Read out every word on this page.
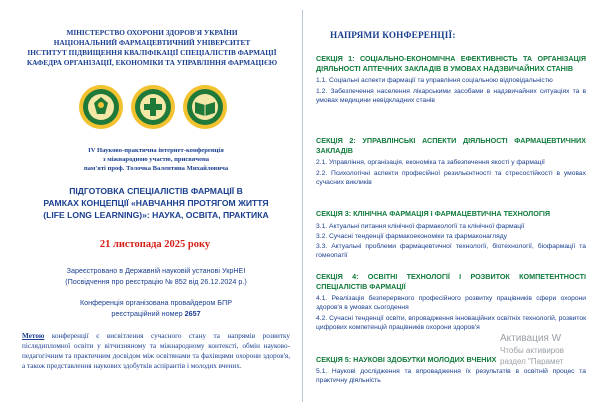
МІНІСТЕРСТВО ОХОРОНИ ЗДОРОВ'Я УКРАЇНИ
НАЦІОНАЛЬНИЙ ФАРМАЦЕВТИЧНИЙ УНІВЕРСИТЕТ
ІНСТИТУТ ПІДВИЩЕННЯ КВАЛІФІКАЦІЇ СПЕЦІАЛІСТІВ ФАРМАЦІЇ
КАФЕДРА ОРГАНІЗАЦІЇ, ЕКОНОМІКИ ТА УПРАВЛІННЯ ФАРМАЦІЄЮ
IV Науково-практична інтернет-конференція
з міжнародною участю, присвячена
пам'яті проф. Толочка Валентина Михайловича
ПІДГОТОВКА СПЕЦІАЛІСТІВ ФАРМАЦІЇ В
РАМКАХ КОНЦЕПЦІЇ «НАВЧАННЯ ПРОТЯГОМ ЖИТТЯ
(LIFE LONG LEARNING)»: НАУКА, ОСВІТА, ПРАКТИКА
21 листопада 2025 року
Зареєстровано в Державній науковій установі УкрНЕІ
(Посвідчення про реєстрацію № 852 від 26.12.2024 р.)
Конференція організована провайдером БПР
реєстраційний номер 2657
Метою конференції є висвітлення сучасного стану та напрямів розвитку післядипломної освіти у вітчизняному та міжнародному контексті, обмін науково-педагогічним та практичним досвідом між освітянами та фахівцями охорони здоров'я, а також представлення наукових здобутків аспірантів і молодих вчених.
НАПРЯМИ КОНФЕРЕНЦІЇ:
СЕКЦІЯ 1: СОЦІАЛЬНО-ЕКОНОМІЧНА ЕФЕКТИВНІСТЬ ТА ОРГАНІЗАЦІЯ ДІЯЛЬНОСТІ АПТЕЧНИХ ЗАКЛАДІВ В УМОВАХ НАДЗВИЧАЙНИХ СТАНІВ
1.1. Соціальні аспекти фармації та управління соціальною відповідальністю
1.2. Забезпечення населення лікарськими засобами в надзвичайних ситуаціях та в умовах медицини невідкладних станів
СЕКЦІЯ 2: УПРАВЛІНСЬКІ АСПЕКТИ ДІЯЛЬНОСТІ ФАРМАЦЕВТИЧНИХ ЗАКЛАДІВ
2.1. Управління, організація, економіка та забезпечення якості у фармації
2.2. Психологічні аспекти професійної резильєнтності та стресостійкості в умовах сучасних викликів
СЕКЦІЯ 3: КЛІНІЧНА ФАРМАЦІЯ І ФАРМАЦЕВТИЧНА ТЕХНОЛОГІЯ
3.1. Актуальні питання клінічної фармакології та клінічної фармації
3.2. Сучасні тенденції фармакоекономіки та фармаконагляду
3.3. Актуальні проблеми фармацевтичної технології, біотехнології, біофармації та гомеопатії
СЕКЦІЯ 4: ОСВІТНІ ТЕХНОЛОГІЇ І РОЗВИТОК КОМПЕТЕНТНОСТІ СПЕЦІАЛІСТІВ ФАРМАЦІЇ
4.1. Реалізація безперервного професійного розвитку працівників сфери охорони здоров'я в умовах сьогодення
4.2. Сучасні тенденції освіти, впровадження інноваційних освітніх технологій, розвиток цифрових компетенцій працівників охорони здоров'я
СЕКЦІЯ 5: НАУКОВІ ЗДОБУТКИ МОЛОДИХ ВЧЕНИХ
5.1. Наукові дослідження та впровадження їх результатів в освітній процес та практичну діяльність
Активация W
Чтобы активиров
раздел "Парамет
